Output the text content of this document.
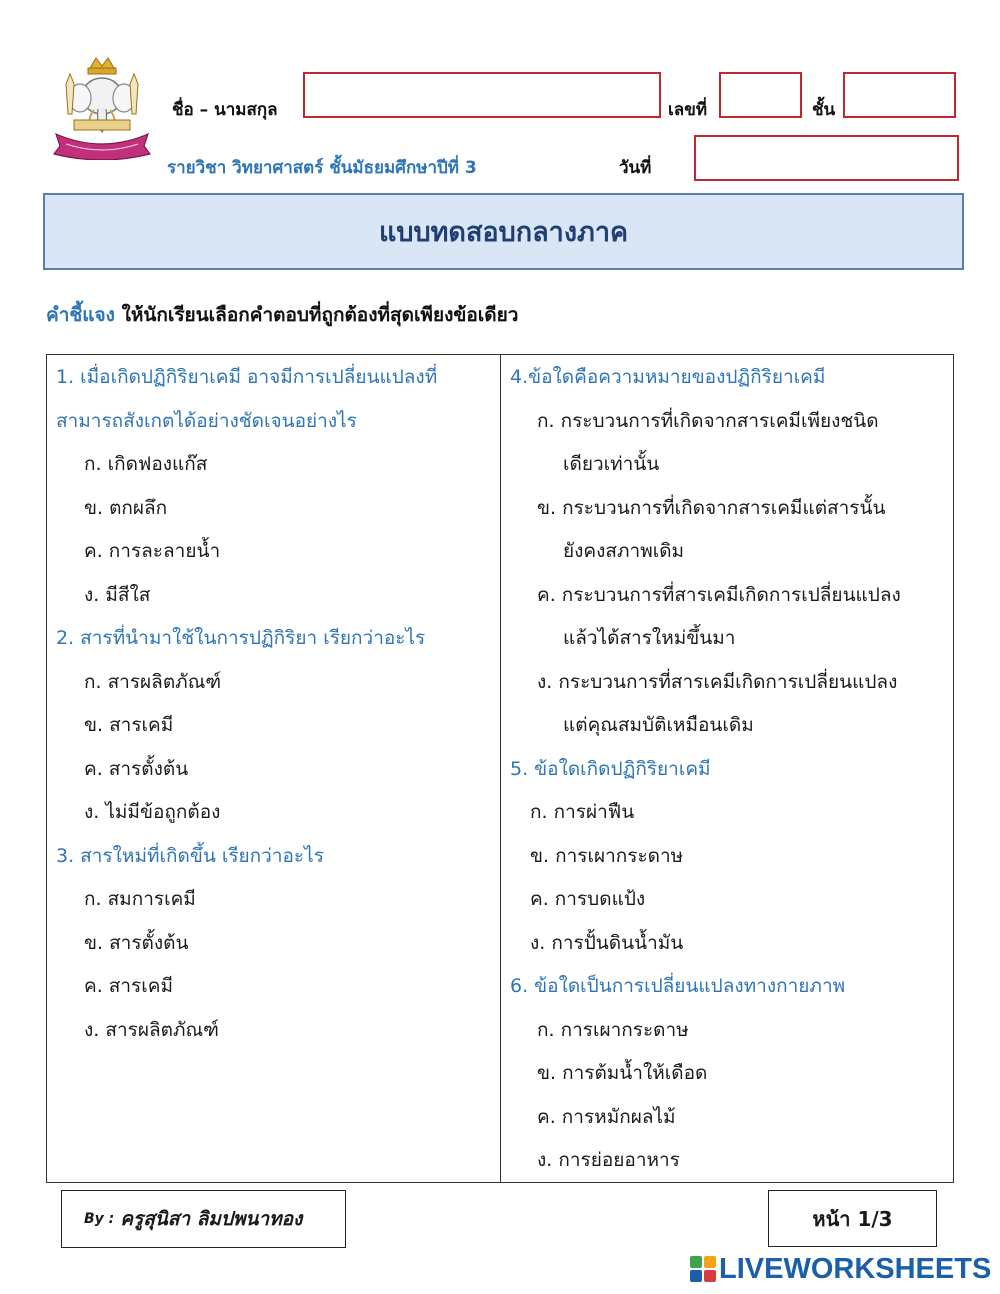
ชื่อ – นามสกุล	เลขที่	ชั้น
รายวิชา วิทยาศาสตร์ ชั้นมัธยมศึกษาปีที่ 3	วันที่
แบบทดสอบกลางภาค
คำชี้แจง ให้นักเรียนเลือกคำตอบที่ถูกต้องที่สุดเพียงข้อเดียว
1. เมื่อเกิดปฏิกิริยาเคมี อาจมีการเปลี่ยนแปลงที่
สามารถสังเกตได้อย่างชัดเจนอย่างไร
ก. เกิดฟองแก๊ส
ข. ตกผลึก
ค. การละลายน้ำ
ง. มีสีใส
2. สารที่นำมาใช้ในการปฏิกิริยา เรียกว่าอะไร
ก. สารผลิตภัณฑ์
ข. สารเคมี
ค. สารตั้งต้น
ง. ไม่มีข้อถูกต้อง
3. สารใหม่ที่เกิดขึ้น เรียกว่าอะไร
ก. สมการเคมี
ข. สารตั้งต้น
ค. สารเคมี
ง. สารผลิตภัณฑ์
4.ข้อใดคือความหมายของปฏิกิริยาเคมี
ก. กระบวนการที่เกิดจากสารเคมีเพียงชนิด
เดียวเท่านั้น
ข. กระบวนการที่เกิดจากสารเคมีแต่สารนั้น
ยังคงสภาพเดิม
ค. กระบวนการที่สารเคมีเกิดการเปลี่ยนแปลง
แล้วได้สารใหม่ขึ้นมา
ง. กระบวนการที่สารเคมีเกิดการเปลี่ยนแปลง
แต่คุณสมบัติเหมือนเดิม
5. ข้อใดเกิดปฏิกิริยาเคมี
ก. การผ่าฟืน
ข. การเผากระดาษ
ค. การบดแป้ง
ง. การปั้นดินน้ำมัน
6. ข้อใดเป็นการเปลี่ยนแปลงทางกายภาพ
ก. การเผากระดาษ
ข. การต้มน้ำให้เดือด
ค. การหมักผลไม้
ง. การย่อยอาหาร
By : ครูสุนิสา ลิมปพนาทอง	หน้า 1/3
LIVEWORKSHEETS
